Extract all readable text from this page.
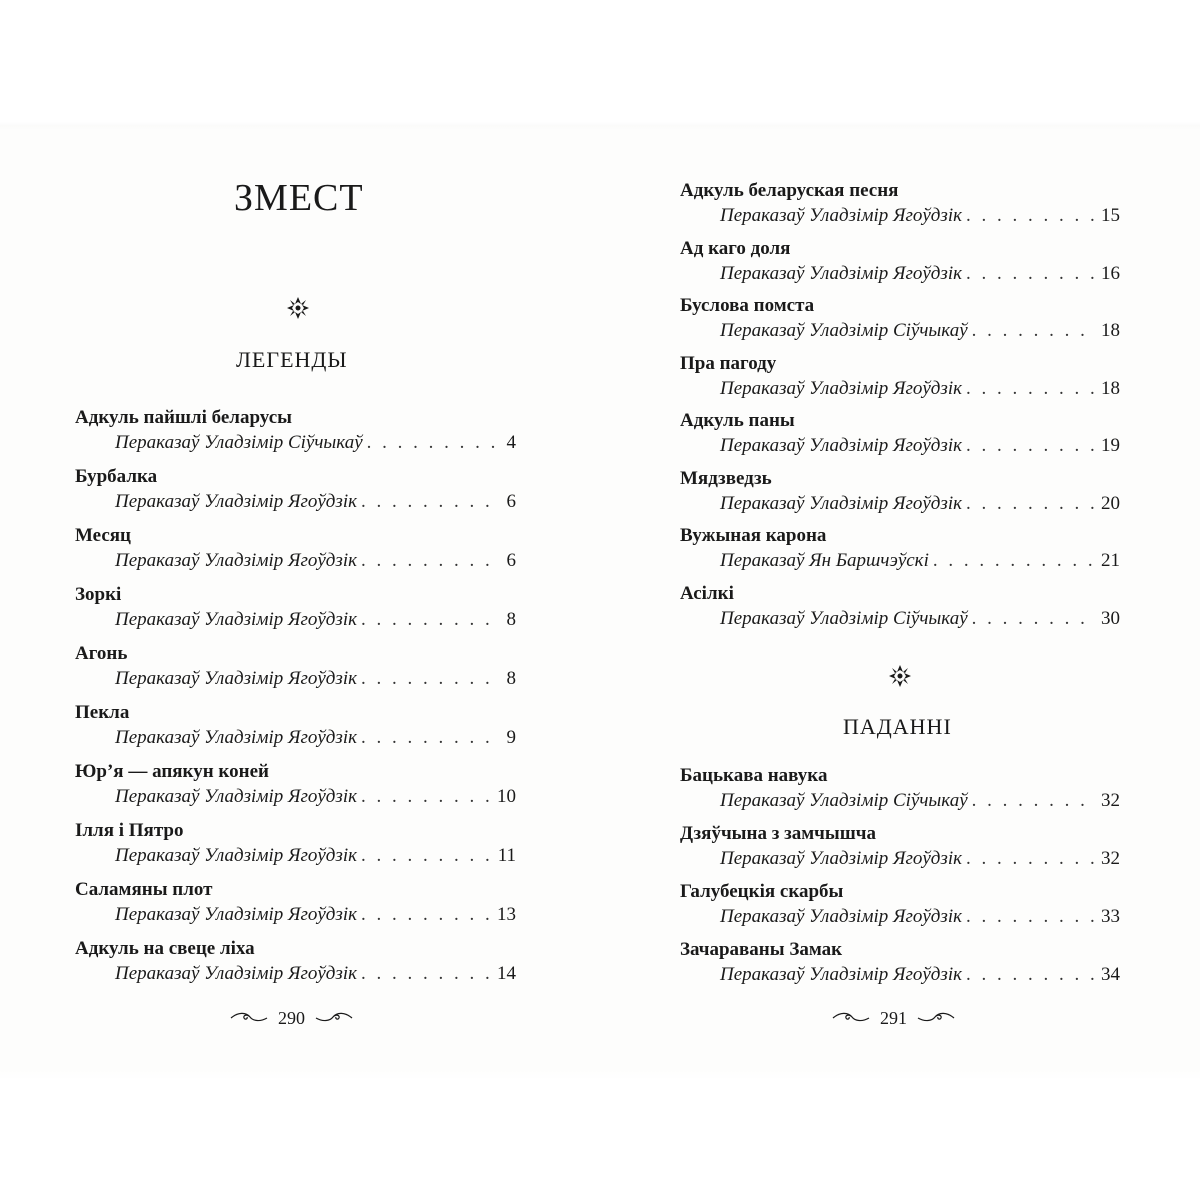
ЗМЕСТ
ЛЕГЕНДЫ
Адкуль пайшлі беларусы
Пераказаў Уладзімір Сіўчыкаў . . .	4
Бурбалка
Пераказаў Уладзімір Ягоўдзік . . .	6
Месяц
Пераказаў Уладзімір Ягоўдзік . . .	6
Зоркі
Пераказаў Уладзімір Ягоўдзік . . .	8
Агонь
Пераказаў Уладзімір Ягоўдзік . . .	8
Пекла
Пераказаў Уладзімір Ягоўдзік . . .	9
Юр’я — апякун коней
Пераказаў Уладзімір Ягоўдзік . . .	10
Ілля і Пятро
Пераказаў Уладзімір Ягоўдзік . . .	11
Саламяны плот
Пераказаў Уладзімір Ягоўдзік . . .	13
Адкуль на свеце ліха
Пераказаў Уладзімір Ягоўдзік . . .	14
290
Адкуль беларуская песня
Пераказаў Уладзімір Ягоўдзік . . .	15
Ад каго доля
Пераказаў Уладзімір Ягоўдзік . . .	16
Буслова помста
Пераказаў Уладзімір Сіўчыкаў . . .	18
Пра пагоду
Пераказаў Уладзімір Ягоўдзік . . .	18
Адкуль паны
Пераказаў Уладзімір Ягоўдзік . . .	19
Мядзведзь
Пераказаў Уладзімір Ягоўдзік . . .	20
Вужыная карона
Пераказаў Ян Баршчэўскі . . .	21
Асілкі
Пераказаў Уладзімір Сіўчыкаў . . .	30
ПАДАННІ
Бацькава навука
Пераказаў Уладзімір Сіўчыкаў . . .	32
Дзяўчына з замчышча
Пераказаў Уладзімір Ягоўдзік . . .	32
Галубецкія скарбы
Пераказаў Уладзімір Ягоўдзік . . .	33
Зачараваны Замак
Пераказаў Уладзімір Ягоўдзік . . .	34
291
